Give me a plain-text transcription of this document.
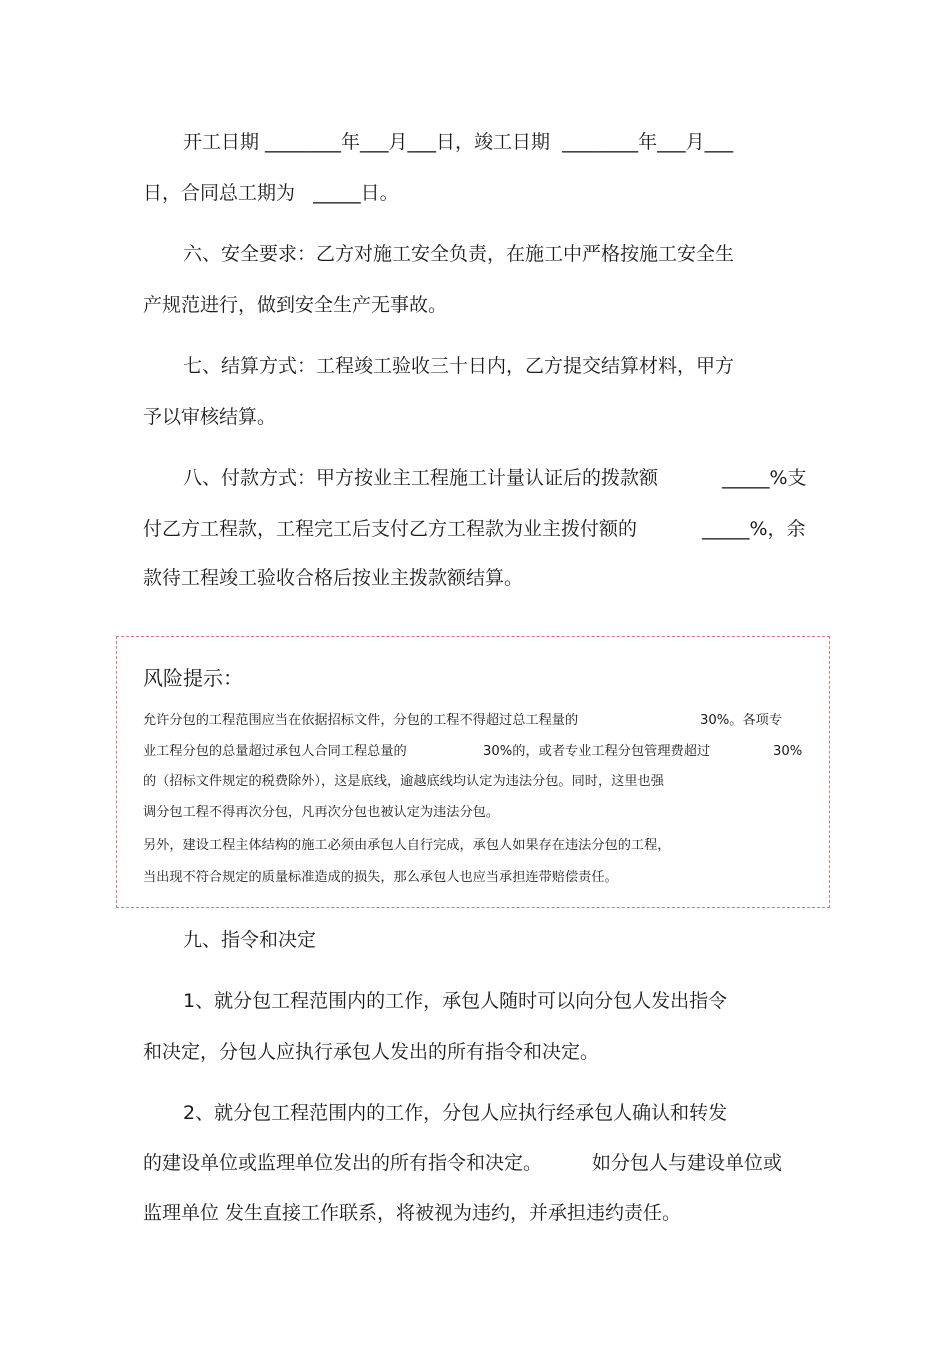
开工日期 ________年___月___日，竣工日期  ________年___月___
日，合同总工期为   _____日。
六、安全要求：乙方对施工安全负责，在施工中严格按施工安全生
产规范进行，做到安全生产无事故。
七、结算方式：工程竣工验收三十日内，乙方提交结算材料，甲方
予以审核结算。
八、付款方式：甲方按业主工程施工计量认证后的拨款额	_____%支
付乙方工程款，工程完工后支付乙方工程款为业主拨付额的	_____%，余
款待工程竣工验收合格后按业主拨款额结算。
风险提示：
允许分包的工程范围应当在依据招标文件，分包的工程不得超过总工程量的	30%。各项专
业工程分包的总量超过承包人合同工程总量的	30%的，或者专业工程分包管理费超过	30%
的（招标文件规定的税费除外），这是底线，逾越底线均认定为违法分包。同时，这里也强
调分包工程不得再次分包，凡再次分包也被认定为违法分包。
另外，建设工程主体结构的施工必须由承包人自行完成，承包人如果存在违法分包的工程，
当出现不符合规定的质量标准造成的损失，那么承包人也应当承担连带赔偿责任。
九、指令和决定
1、就分包工程范围内的工作，承包人随时可以向分包人发出指令
和决定，分包人应执行承包人发出的所有指令和决定。
2、就分包工程范围内的工作，分包人应执行经承包人确认和转发
的建设单位或监理单位发出的所有指令和决定。	如分包人与建设单位或
监理单位 发生直接工作联系，将被视为违约，并承担违约责任。
